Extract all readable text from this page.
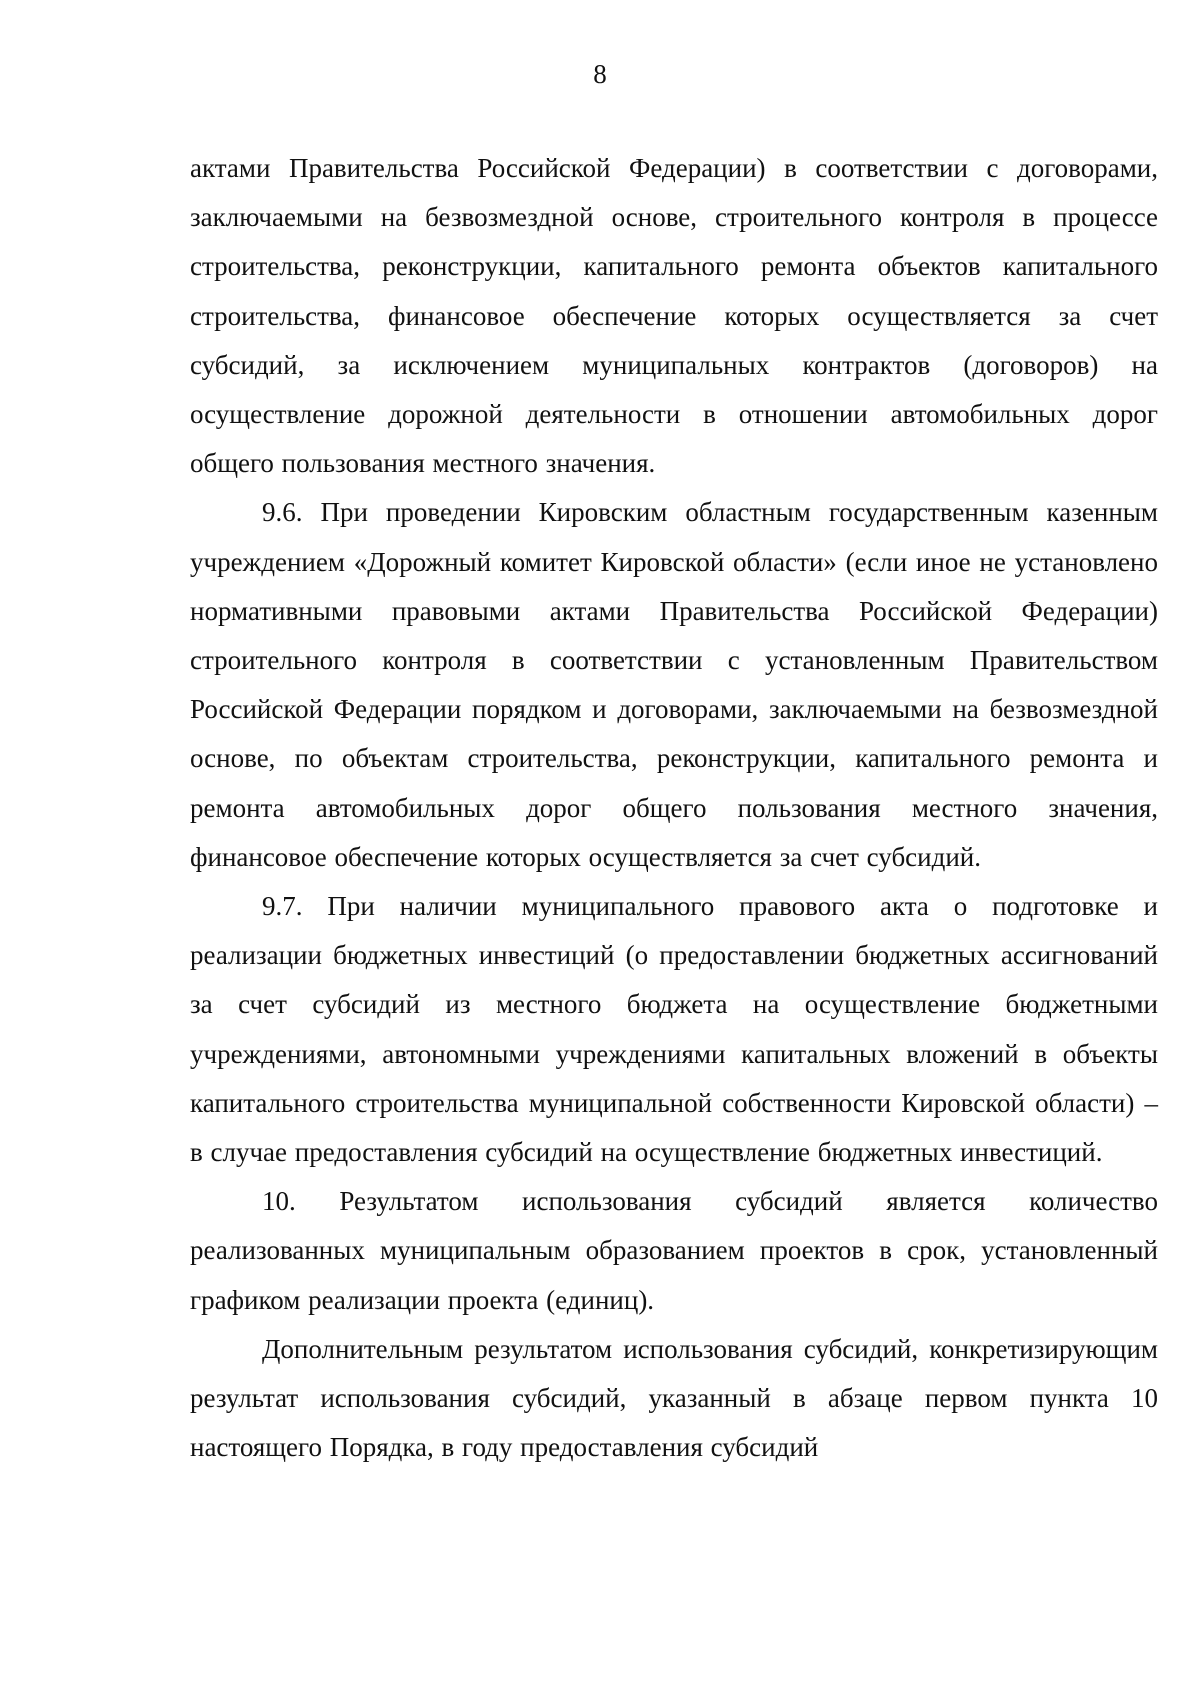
8

актами Правительства Российской Федерации) в соответствии с договорами, заключаемыми на безвозмездной основе, строительного контроля в процессе строительства, реконструкции, капитального ремонта объектов капитального строительства, финансовое обеспечение которых осуществляется за счет субсидий, за исключением муниципальных контрактов (договоров) на осуществление дорожной деятельности в отношении автомобильных дорог общего пользования местного значения.

9.6. При проведении Кировским областным государственным казенным учреждением «Дорожный комитет Кировской области» (если иное не установлено нормативными правовыми актами Правительства Российской Федерации) строительного контроля в соответствии с установленным Правительством Российской Федерации порядком и договорами, заключаемыми на безвозмездной основе, по объектам строительства, реконструкции, капитального ремонта и ремонта автомобильных дорог общего пользования местного значения, финансовое обеспечение которых осуществляется за счет субсидий.

9.7. При наличии муниципального правового акта о подготовке и реализации бюджетных инвестиций (о предоставлении бюджетных ассигнований за счет субсидий из местного бюджета на осуществление бюджетными учреждениями, автономными учреждениями капитальных вложений в объекты капитального строительства муниципальной собственности Кировской области) – в случае предоставления субсидий на осуществление бюджетных инвестиций.

10. Результатом использования субсидий является количество реализованных муниципальным образованием проектов в срок, установленный графиком реализации проекта (единиц).

Дополнительным результатом использования субсидий, конкретизирующим результат использования субсидий, указанный в абзаце первом пункта 10 настоящего Порядка, в году предоставления субсидий
